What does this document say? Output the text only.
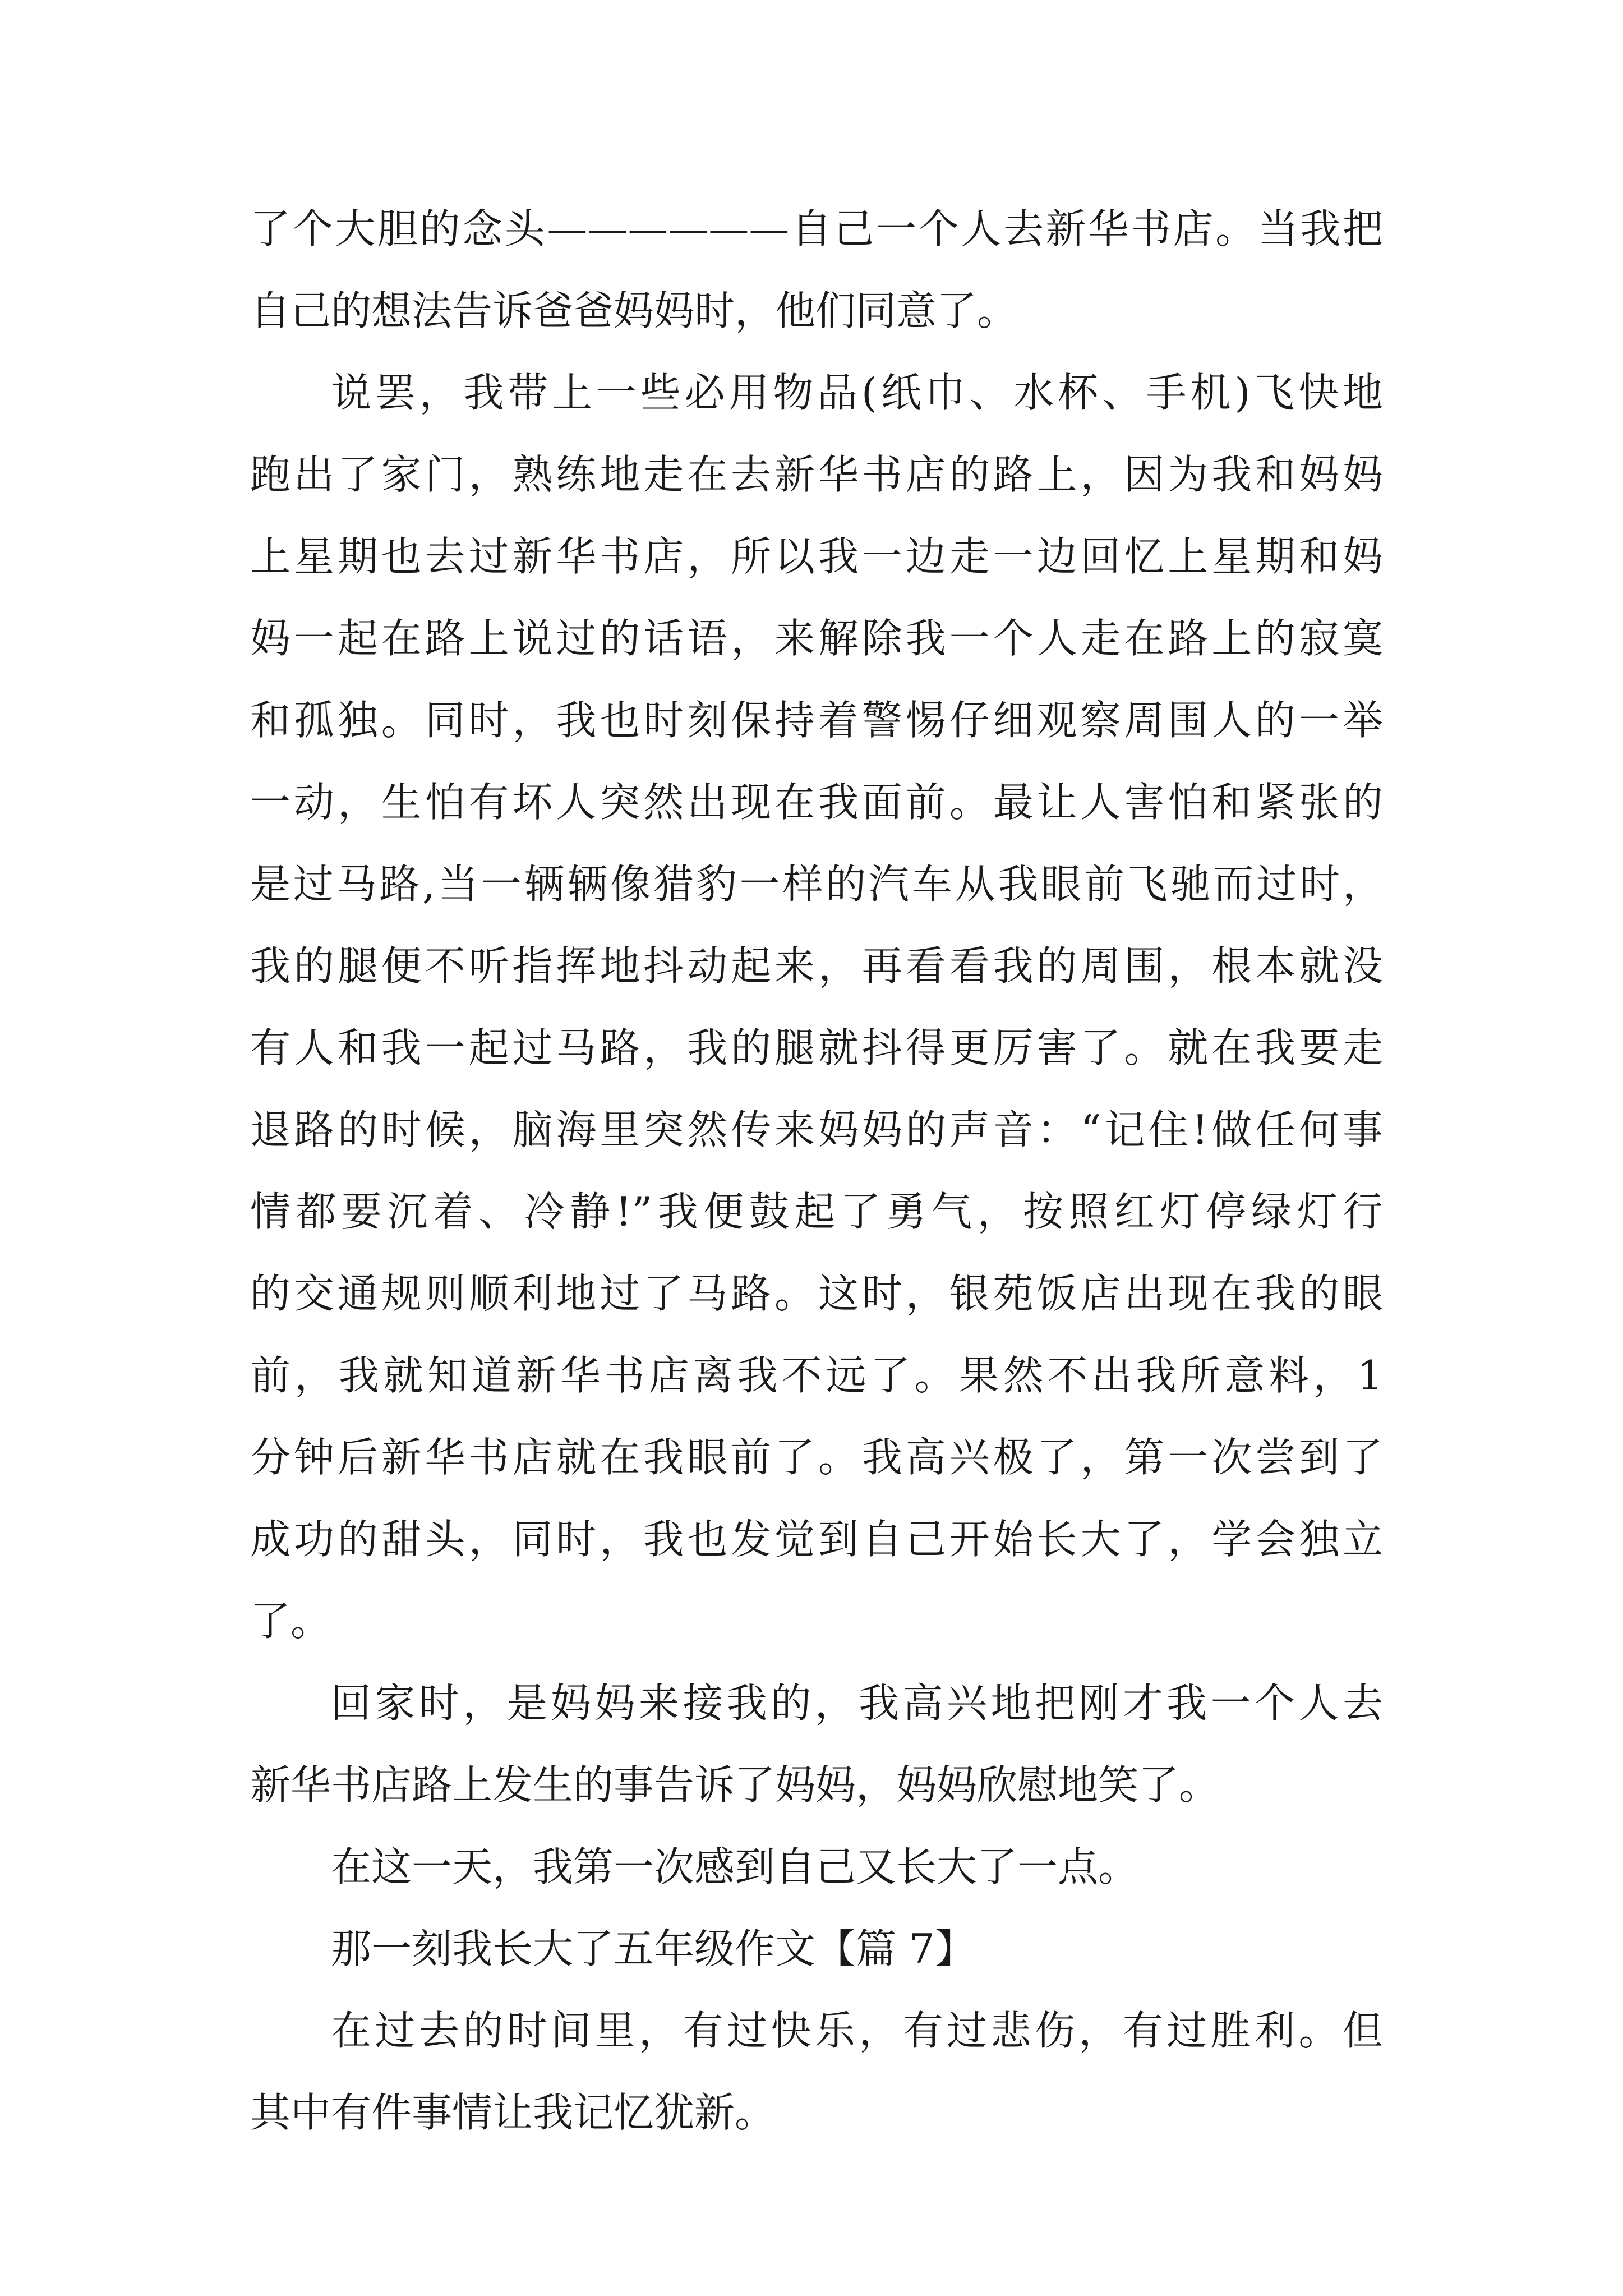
了个大胆的念头——————自己一个人去新华书店。当我把
自己的想法告诉爸爸妈妈时，他们同意了。
说罢，我带上一些必用物品(纸巾、水杯、手机)飞快地
跑出了家门，熟练地走在去新华书店的路上，因为我和妈妈
上星期也去过新华书店，所以我一边走一边回忆上星期和妈
妈一起在路上说过的话语，来解除我一个人走在路上的寂寞
和孤独。同时，我也时刻保持着警惕仔细观察周围人的一举
一动，生怕有坏人突然出现在我面前。最让人害怕和紧张的
是过马路,当一辆辆像猎豹一样的汽车从我眼前飞驰而过时，
我的腿便不听指挥地抖动起来，再看看我的周围，根本就没
有人和我一起过马路，我的腿就抖得更厉害了。就在我要走
退路的时候，脑海里突然传来妈妈的声音：“记住!做任何事
情都要沉着、冷静!”我便鼓起了勇气，按照红灯停绿灯行
的交通规则顺利地过了马路。这时，银苑饭店出现在我的眼
前，我就知道新华书店离我不远了。果然不出我所意料，1
分钟后新华书店就在我眼前了。我高兴极了，第一次尝到了
成功的甜头，同时，我也发觉到自己开始长大了，学会独立
了。
回家时，是妈妈来接我的，我高兴地把刚才我一个人去
新华书店路上发生的事告诉了妈妈，妈妈欣慰地笑了。
在这一天，我第一次感到自己又长大了一点。
那一刻我长大了五年级作文【篇 7】
在过去的时间里，有过快乐，有过悲伤，有过胜利。但
其中有件事情让我记忆犹新。
